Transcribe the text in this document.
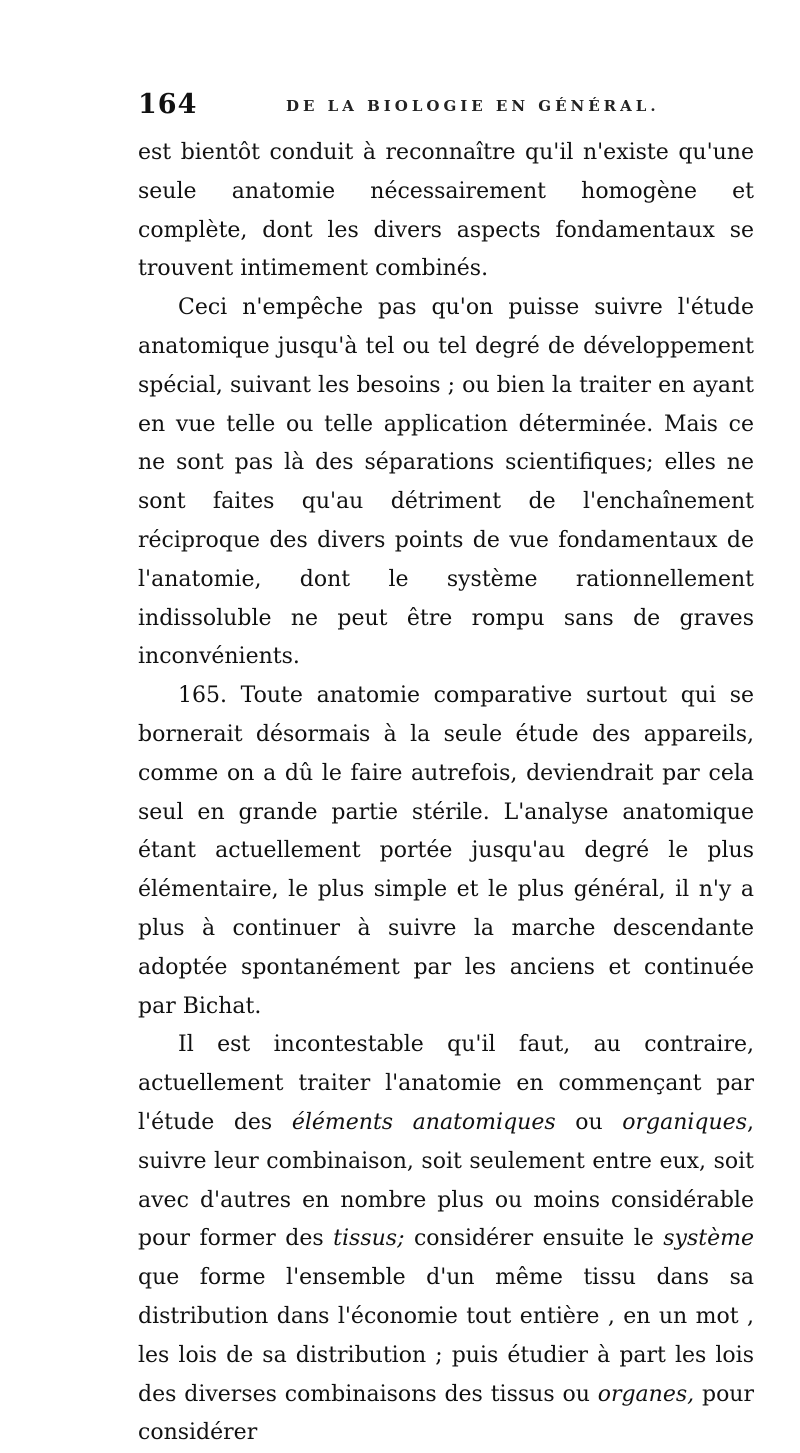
164	DE LA BIOLOGIE EN GÉNÉRAL.

est bientôt conduit à reconnaître qu'il n'existe qu'une seule anatomie nécessairement homogène et complète, dont les divers aspects fondamentaux se trouvent intimement combinés.

Ceci n'empêche pas qu'on puisse suivre l'étude anatomique jusqu'à tel ou tel degré de développement spécial, suivant les besoins ; ou bien la traiter en ayant en vue telle ou telle application déterminée. Mais ce ne sont pas là des séparations scientifiques; elles ne sont faites qu'au détriment de l'enchaînement réciproque des divers points de vue fondamentaux de l'anatomie, dont le système rationnellement indissoluble ne peut être rompu sans de graves inconvénients.

165. Toute anatomie comparative surtout qui se bornerait désormais à la seule étude des appareils, comme on a dû le faire autrefois, deviendrait par cela seul en grande partie stérile. L'analyse anatomique étant actuellement portée jusqu'au degré le plus élémentaire, le plus simple et le plus général, il n'y a plus à continuer à suivre la marche descendante adoptée spontanément par les anciens et continuée par Bichat.

Il est incontestable qu'il faut, au contraire, actuellement traiter l'anatomie en commençant par l'étude des éléments anatomiques ou organiques, suivre leur combinaison, soit seulement entre eux, soit avec d'autres en nombre plus ou moins considérable pour former des tissus; considérer ensuite le système que forme l'ensemble d'un même tissu dans sa distribution dans l'économie tout entière , en un mot , les lois de sa distribution ; puis étudier à part les lois des diverses combinaisons des tissus ou organes, pour considérer
